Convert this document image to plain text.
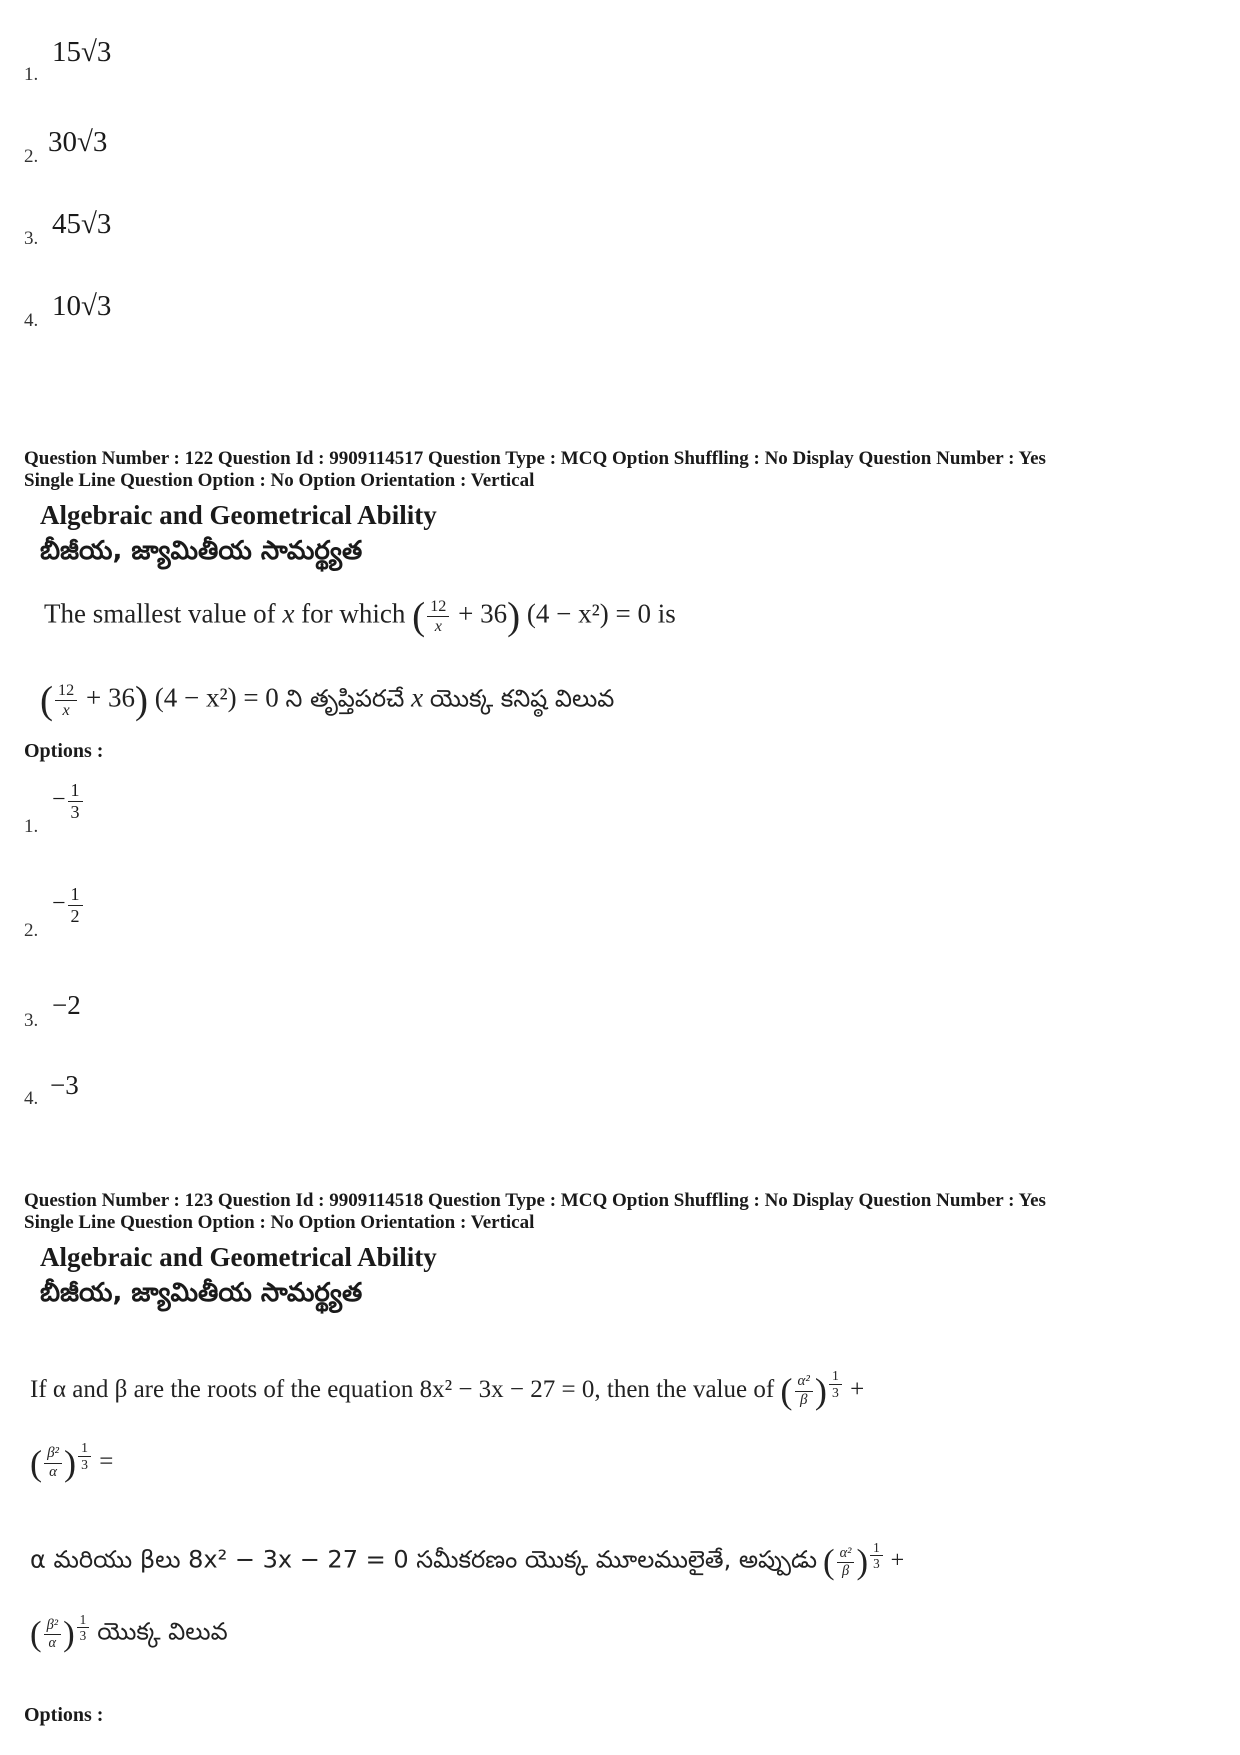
1.
15√3
2. 30√3
3. 45√3
4. 10√3
Question Number : 122 Question Id : 9909114517 Question Type : MCQ Option Shuffling : No Display Question Number : Yes
Single Line Question Option : No Option Orientation : Vertical
Algebraic and Geometrical Ability
బీజీయ, జ్యామితీయ సామర్థ్యత
The smallest value of x for which ( $\frac{12}{x} + 36$) (4 − x²) = 0 is
( $\frac{12}{x} + 36$) (4 − x²) = 0 ని తృప్తిపరచే x యొక్క కనిష్ఠ విలువ
Options :
1.
− $\frac{1}{3}$
2.
− $\frac{1}{2}$
3.
−2
4. −3
Question Number : 123 Question Id : 9909114518 Question Type : MCQ Option Shuffling : No Display Question Number : Yes
Single Line Question Option : No Option Orientation : Vertical
Algebraic and Geometrical Ability
బీజీయ, జ్యామితీయ సామర్థ్యత
If α and β are the roots of the equation 8x² − 3x − 27 = 0, then the value of ( $\frac{\text{α²}}{\beta}$ ) $^{\frac{1}{3}}$ +
( $\frac{\text{β²}}{\alpha}$ ) $^{\frac{1}{3}}$ =
α మరియు βలు 8x² − 3x − 27 = 0 సమీకరణం యొక్క మూలములైతే, అప్పుడు ( $\frac{\text{α²}}{\beta}$ ) $^{\frac{1}{3}}$ +
( $\frac{\text{β²}}{\alpha}$ ) $^{\frac{1}{3}}$ యొక్క విలువ
Options :
